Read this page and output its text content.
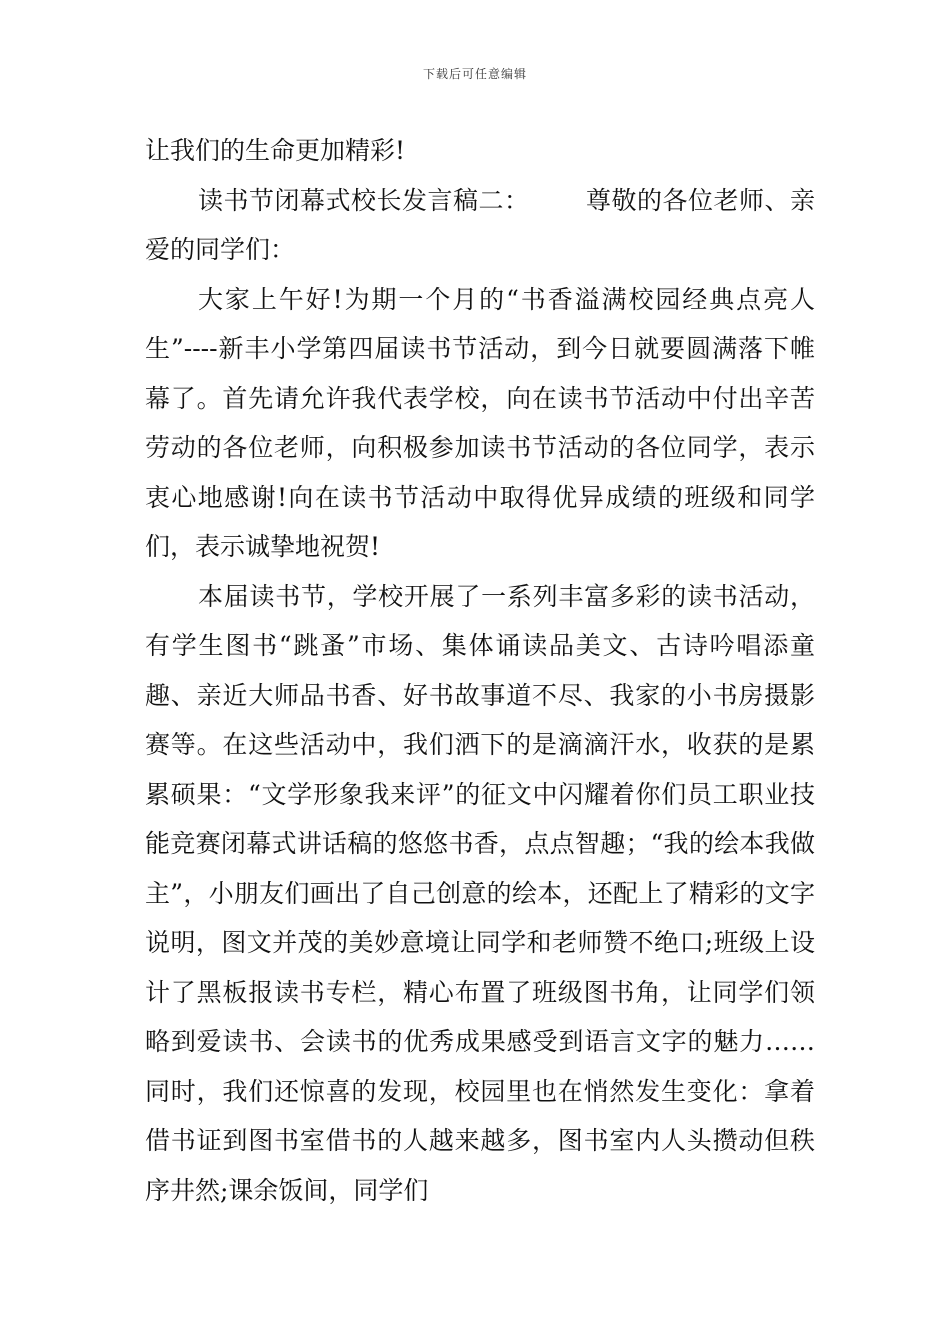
下载后可任意编辑

让我们的生命更加精彩!

读书节闭幕式校长发言稿二： 尊敬的各位老师、亲爱的同学们：

大家上午好!为期一个月的“书香溢满校园经典点亮人生”----新丰小学第四届读书节活动，到今日就要圆满落下帷幕了。首先请允许我代表学校，向在读书节活动中付出辛苦劳动的各位老师，向积极参加读书节活动的各位同学，表示衷心地感谢!向在读书节活动中取得优异成绩的班级和同学们，表示诚挚地祝贺!

本届读书节，学校开展了一系列丰富多彩的读书活动，有学生图书“跳蚤”市场、集体诵读品美文、古诗吟唱添童趣、亲近大师品书香、好书故事道不尽、我家的小书房摄影赛等。在这些活动中，我们洒下的是滴滴汗水，收获的是累累硕果：“文学形象我来评”的征文中闪耀着你们员工职业技能竞赛闭幕式讲话稿的悠悠书香，点点智趣；“我的绘本我做主”，小朋友们画出了自己创意的绘本，还配上了精彩的文字说明，图文并茂的美妙意境让同学和老师赞不绝口;班级上设计了黑板报读书专栏，精心布置了班级图书角，让同学们领略到爱读书、会读书的优秀成果感受到语言文字的魅力……同时，我们还惊喜的发现，校园里也在悄然发生变化：拿着借书证到图书室借书的人越来越多，图书室内人头攒动但秩序井然;课余饭间，同学们
